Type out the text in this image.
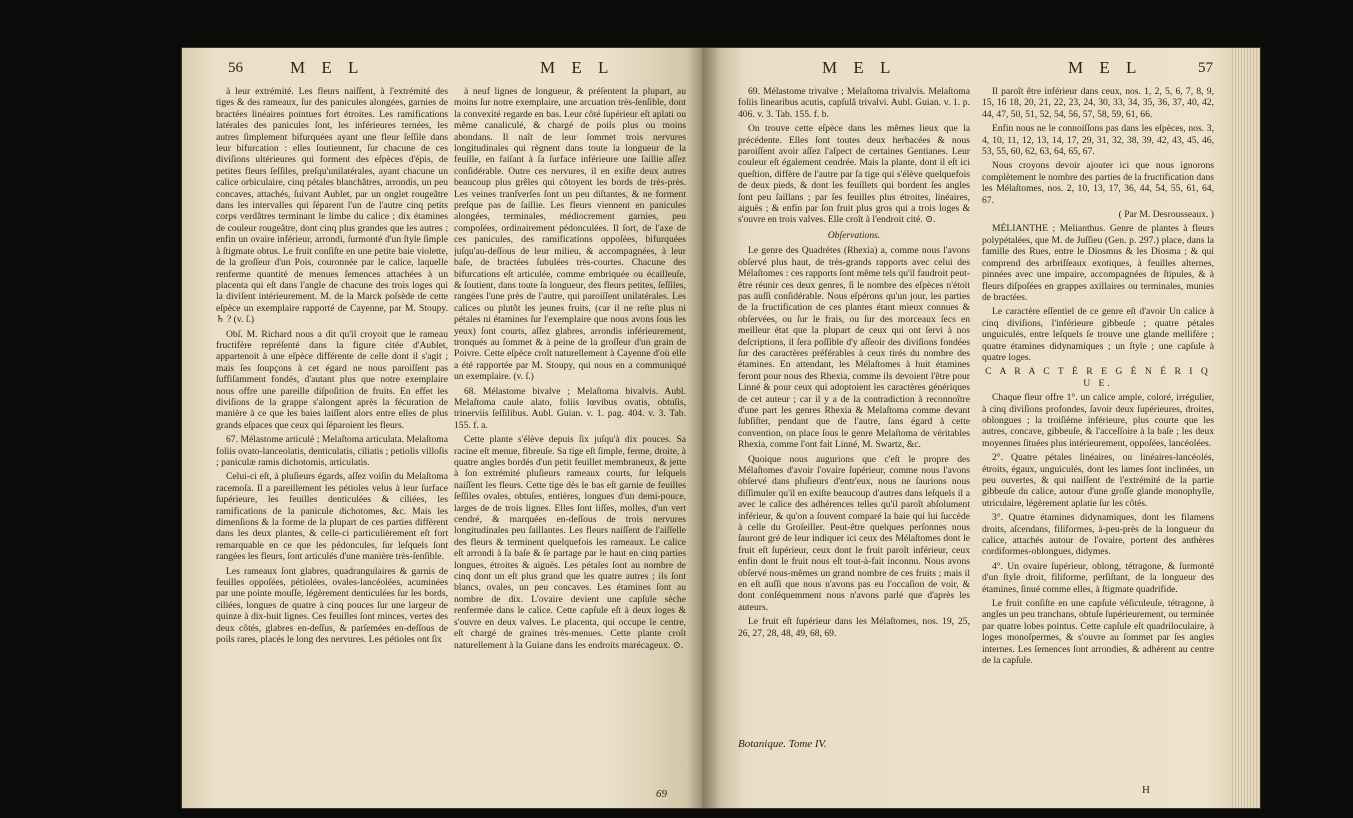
56	M E L	M E L

à leur extrémité. Les fleurs naiſſent, à l'extrémité des tiges & des rameaux, ſur des panicules alongées, garnies de bractées linéaires pointues fort étroites. Les ramifications latérales des panicules ſont, les inférieures ternées, les autres ſimplement bifurquées ayant une fleur ſeſſile dans leur bifurcation : elles ſoutiennent, ſur chacune de ces diviſions ultérieures qui forment des eſpèces d'épis, de petites fleurs ſeſſiles, preſqu'unilatérales, ayant chacune un calice orbiculaire, cinq pétales blanchâtres, arrondis, un peu concaves, attachés, ſuivant Aublet, par un onglet rougeâtre dans les intervalles qui ſéparent l'un de l'autre cinq petits corps verdâtres terminant le limbe du calice ; dix étamines de couleur rougeâtre, dont cinq plus grandes que les autres ; enfin un ovaire inférieur, arrondi, ſurmonté d'un ſtyle ſimple à ſtigmate obtus. Le fruit conſiſte en une petite baie violette, de la groſſeur d'un Pois, couronnée par le calice, laquelle renferme quantité de menues ſemences attachées à un placenta qui eſt dans l'angle de chacune des trois loges qui la diviſent intérieurement. M. de la Marck poſsède de cette eſpèce un exemplaire rapporté de Cayenne, par M. Stoupy. ♄ ? (v. ſ.)

Obſ. M. Richard nous a dit qu'il croyoit que le rameau fructifère repréſenté dans la figure citée d'Aublet, appartenoit à une eſpèce différente de celle dont il s'agit ; mais ſes ſoupçons à cet égard ne nous paroiſſent pas ſuffiſamment fondés, d'autant plus que notre exemplaire nous offre une pareille diſpoſition de fruits. En effet les diviſions de la grappe s'alongent après la fécuration de manière à ce que les baies laiſſent alors entre elles de plus grands eſpaces que ceux qui ſéparoient les fleurs.

67. Mélastome articulé ; Melaſtoma articulata. Melaſtoma foliis ovato-lanceolatis, denticulatis, ciliatis ; petiolis villoſis ; paniculæ ramis dichotomis, articulatis.

Celui-ci eſt, à pluſieurs égards, aſſez voiſin du Melaſtoma racemoſa. Il a pareillement les pétioles velus à leur ſurface ſupérieure, les feuilles denticulées & ciliées, les ramifications de la panicule dichotomes, &c. Mais les dimenſions & la forme de la plupart de ces parties diffèrent dans les deux plantes, & celle-ci particulièrement eſt fort remarquable en ce que les pédoncules, ſur leſquels ſont rangées les fleurs, ſont articulés d'une manière très-ſenſible.

Les rameaux ſont glabres, quadrangulaires & garnis de feuilles oppoſées, pétiolées, ovales-lancéolées, acuminées par une pointe mouſſe, légèrement denticulées ſur les bords, ciliées, longues de quatre à cinq pouces ſur une largeur de quinze à dix-huit lignes. Ces feuilles ſont minces, vertes des deux côtés, glabres en-deſſus, & parſemées en-deſſous de poils rares, placés le long des nervures. Les pétioles ont ſix

à neuf lignes de longueur, & préſentent la plupart, au moins ſur notre exemplaire, une arcuation très-ſenſible, dont la convexité regarde en bas. Leur côté ſupérieur eſt aplati ou même canaliculé, & chargé de poils plus ou moins abondans. Il naît de leur ſommet trois nervures longitudinales qui règnent dans toute la longueur de la feuille, en faiſant à ſa ſurface inférieure une ſaillie aſſez conſidérable. Outre ces nervures, il en exiſte deux autres beaucoup plus grêles qui côtoyent les bords de très-près. Les veines tranſverſes ſont un peu diſtantes, & ne forment preſque pas de ſaillie. Les fleurs viennent en panicules alongées, terminales, médiocrement garnies, peu compoſées, ordinairement pédonculées. Il ſort, de l'axe de ces panicules, des ramifications oppoſées, bifurquées juſqu'au-deſſous de leur milieu, & accompagnées, à leur baſe, de bractées ſubulées très-courtes. Chacune des bifurcations eſt articulée, comme embriquée ou écailleuſe, & ſoutient, dans toute ſa longueur, des fleurs petites, ſeſſiles, rangées l'une près de l'autre, qui paroiſſent unilatérales. Les calices ou plutôt les jeunes fruits, (car il ne reſte plus ni pétales ni étamines ſur l'exemplaire que nous avons ſous les yeux) ſont courts, aſſez glabres, arrondis inférieurement, tronqués au ſommet & à peine de la groſſeur d'un grain de Poivre. Cette eſpèce croît naturellement à Cayenne d'où elle a été rapportée par M. Stoupy, qui nous en a communiqué un exemplaire. (v. ſ.)

68. Mélastome bivalve ; Melaſtoma bivalvis. Aubl. Melaſtoma caule alato, foliis lœvibus ovatis, obtuſis, trinerviis ſeſſilibus. Aubl. Guian. v. 1. pag. 404. v. 3. Tab. 155. f. a.

Cette plante s'élève depuis ſix juſqu'à dix pouces. Sa racine eſt menue, fibreuſe. Sa tige eſt ſimple, ferme, droite, à quatre angles bordés d'un petit feuillet membraneux, & jette à ſon extrémité pluſieurs rameaux courts, ſur leſquels naiſſent les fleurs. Cette tige dès le bas eſt garnie de feuilles ſeſſiles ovales, obtuſes, entières, longues d'un demi-pouce, larges de de trois lignes. Elles ſont liſſes, molles, d'un vert cendré, & marquées en-deſſous de trois nervures longitudinales peu ſaillantes. Les fleurs naiſſent de l'aiſſelle des fleurs & terminent quelquefois les rameaux. Le calice eſt arrondi à ſa baſe & ſe partage par le haut en cinq parties longues, étroites & aiguës. Les pétales ſont au nombre de cinq dont un eſt plus grand que les quatre autres ; ils ſont blancs, ovales, un peu concaves. Les étamines ſont au nombre de dix. L'ovaire devient une capſule sèche renfermée dans le calice. Cette capſule eſt à deux loges & s'ouvre en deux valves. Le placenta, qui occupe le centre, eſt chargé de graines très-menues. Cette plante croît naturellement à la Guiane dans les endroits marécageux. ⊙.

69
M E L	M E L	57

69. Mélastome trivalve ; Melaſtoma trivalvis. Melaſtoma foliis linearibus acutis, capſulâ trivalvi. Aubl. Guian. v. 1. p. 406. v. 3. Tab. 155. f. b.

On trouve cette eſpèce dans les mêmes lieux que la précédente. Elles ſont toutes deux herbacées & nous paroiſſent avoir aſſez l'aſpect de certaines Gentianes. Leur couleur eſt également cendrée. Mais la plante, dont il eſt ici queſtion, diffère de l'autre par ſa tige qui s'élève quelquefois de deux pieds, & dont les feuillets qui bordent ſes angles ſont peu ſaillans ; par ſes feuilles plus étroites, linéaires, aiguës ; & enfin par ſon fruit plus gros qui a trois loges & s'ouvre en trois valves. Elle croît à l'endroit cité. ⊙.

Obſervations.

Le genre des Quadrètes (Rhexia) a, comme nous l'avons obſervé plus haut, de très-grands rapports avec celui des Mélaſtomes : ces rapports ſont même tels qu'il faudroit peut-être réunir ces deux genres, ſi le nombre des eſpèces n'étoit pas auſſi conſidérable. Nous eſpérons qu'un jour, les parties de la fructification de ces plantes étant mieux connues & obſervées, ou ſur le frais, ou ſur des morceaux ſecs en meilleur état que la plupart de ceux qui ont ſervi à nos deſcriptions, il ſera poſſible d'y aſſeoir des diviſions fondées ſur des caractères préférables à ceux tirés du nombre des étamines. En attendant, les Mélaſtomes à huit étamines feront pour nous des Rhexia, comme ils devoient l'être pour Linné & pour ceux qui adoptoient les caractères génériques de cet auteur ; car il y a de la contradiction à reconnoître d'une part les genres Rhexia & Melaſtoma comme devant ſubſiſter, pendant que de l'autre, ſans égard à cette convention, on place ſous le genre Melaſtoma de véritables Rhexia, comme l'ont fait Linné, M. Swartz, &c.

Quoique nous augurions que c'eſt le propre des Mélaſtomes d'avoir l'ovaire ſupérieur, comme nous l'avons obſervé dans pluſieurs d'entr'eux, nous ne ſaurions nous diſſimuler qu'il en exiſte beaucoup d'autres dans leſquels il a avec le calice des adhérences telles qu'il paroît abſolument inférieur, & qu'on a ſouvent comparé la baie qui lui ſuccède à celle du Groſeiller. Peut-être quelques perſonnes nous ſauront gré de leur indiquer ici ceux des Mélaſtomes dont le fruit eſt ſupérieur, ceux dont le fruit paroît inférieur, ceux enfin dont le fruit nous eſt tout-à-fait inconnu. Nous avons obſervé nous-mêmes un grand nombre de ces fruits ; mais il en eſt auſſi que nous n'avons pas eu l'occaſion de voir, & dont conſéquemment nous n'avons parlé que d'après les auteurs.

Le fruit eſt ſupérieur dans les Mélaſtomes, nos. 19, 25, 26, 27, 28, 48, 49, 68, 69.

Botanique. Tome IV.

Il paroît être inférieur dans ceux, nos. 1, 2, 5, 6, 7, 8, 9, 15, 16 18, 20, 21, 22, 23, 24, 30, 33, 34, 35, 36, 37, 40, 42, 44, 47, 50, 51, 52, 54, 56, 57, 58, 59, 61, 66.

Enfin nous ne le connoiſſons pas dans les eſpèces, nos. 3, 4, 10, 11, 12, 13, 14, 17, 29, 31, 32, 38, 39, 42, 43, 45, 46, 53, 55, 60, 62, 63, 64, 65, 67.

Nous croyons devoir ajouter ici que nous ignorons complètement le nombre des parties de la fructification dans les Mélaſtomes, nos. 2, 10, 13, 17, 36, 44, 54, 55, 61, 64, 67.

( Par M. Desrousseaux. )

MÉLIANTHE ; Melianthus. Genre de plantes à fleurs polypétalées, que M. de Juſſieu (Gen. p. 297.) place, dans la famille des Rues, entre le Diosmus & les Diosma ; & qui comprend des arbriſſeaux exotiques, à feuilles alternes, pinnées avec une impaire, accompagnées de ſtipules, & à fleurs diſpoſées en grappes axillaires ou terminales, munies de bractées.

Le caractère eſſentiel de ce genre eſt d'avoir Un calice à cinq diviſions, l'inférieure gibbeuſe ; quatre pétales unguiculés, entre leſquels ſe trouve une glande mellifère ; quatre étamines didynamiques ; un ſtyle ; une capſule à quatre loges.

C A R A C T È R E G É N É R I Q U E.

Chaque fleur offre 1°. un calice ample, coloré, irrégulier, à cinq diviſions profondes, ſavoir deux ſupérieures, droites, oblongues ; la troiſième inférieure, plus courte que les autres, concave, gibbeuſe, & l'acceſſoire à la baſe ; les deux moyennes ſituées plus intérieurement, oppoſées, lancéolées.

2°. Quatre pétales linéaires, ou linéaires-lancéolés, étroits, égaux, unguiculés, dont les lames ſont inclinées, un peu ouvertes, & qui naiſſent de l'extrémité de la partie gibbeuſe du calice, autour d'une groſſe glande monophylle, utriculaire, légèrement aplatie ſur les côtés.

3°. Quatre étamines didynamiques, dont les filamens droits, aſcendans, filiformes, à-peu-près de la longueur du calice, attachés autour de l'ovaire, portent des anthères cordiformes-oblongues, didymes.

4°. Un ovaire ſupérieur, oblong, tétragone, & ſurmonté d'un ſtyle droit, filiforme, perſiſtant, de la longueur des étamines, ſinué comme elles, à ſtigmate quadrifide.

Le fruit conſiſte en une capſule véſiculeuſe, tétragone, à angles un peu tranchans, obtuſe ſupérieurement, ou terminée par quatre lobes pointus. Cette capſule eſt quadriloculaire, à loges monoſpermes, & s'ouvre au ſommet par ſes angles internes. Les ſemences ſont arrondies, & adhèrent au centre de la capſule.

H
